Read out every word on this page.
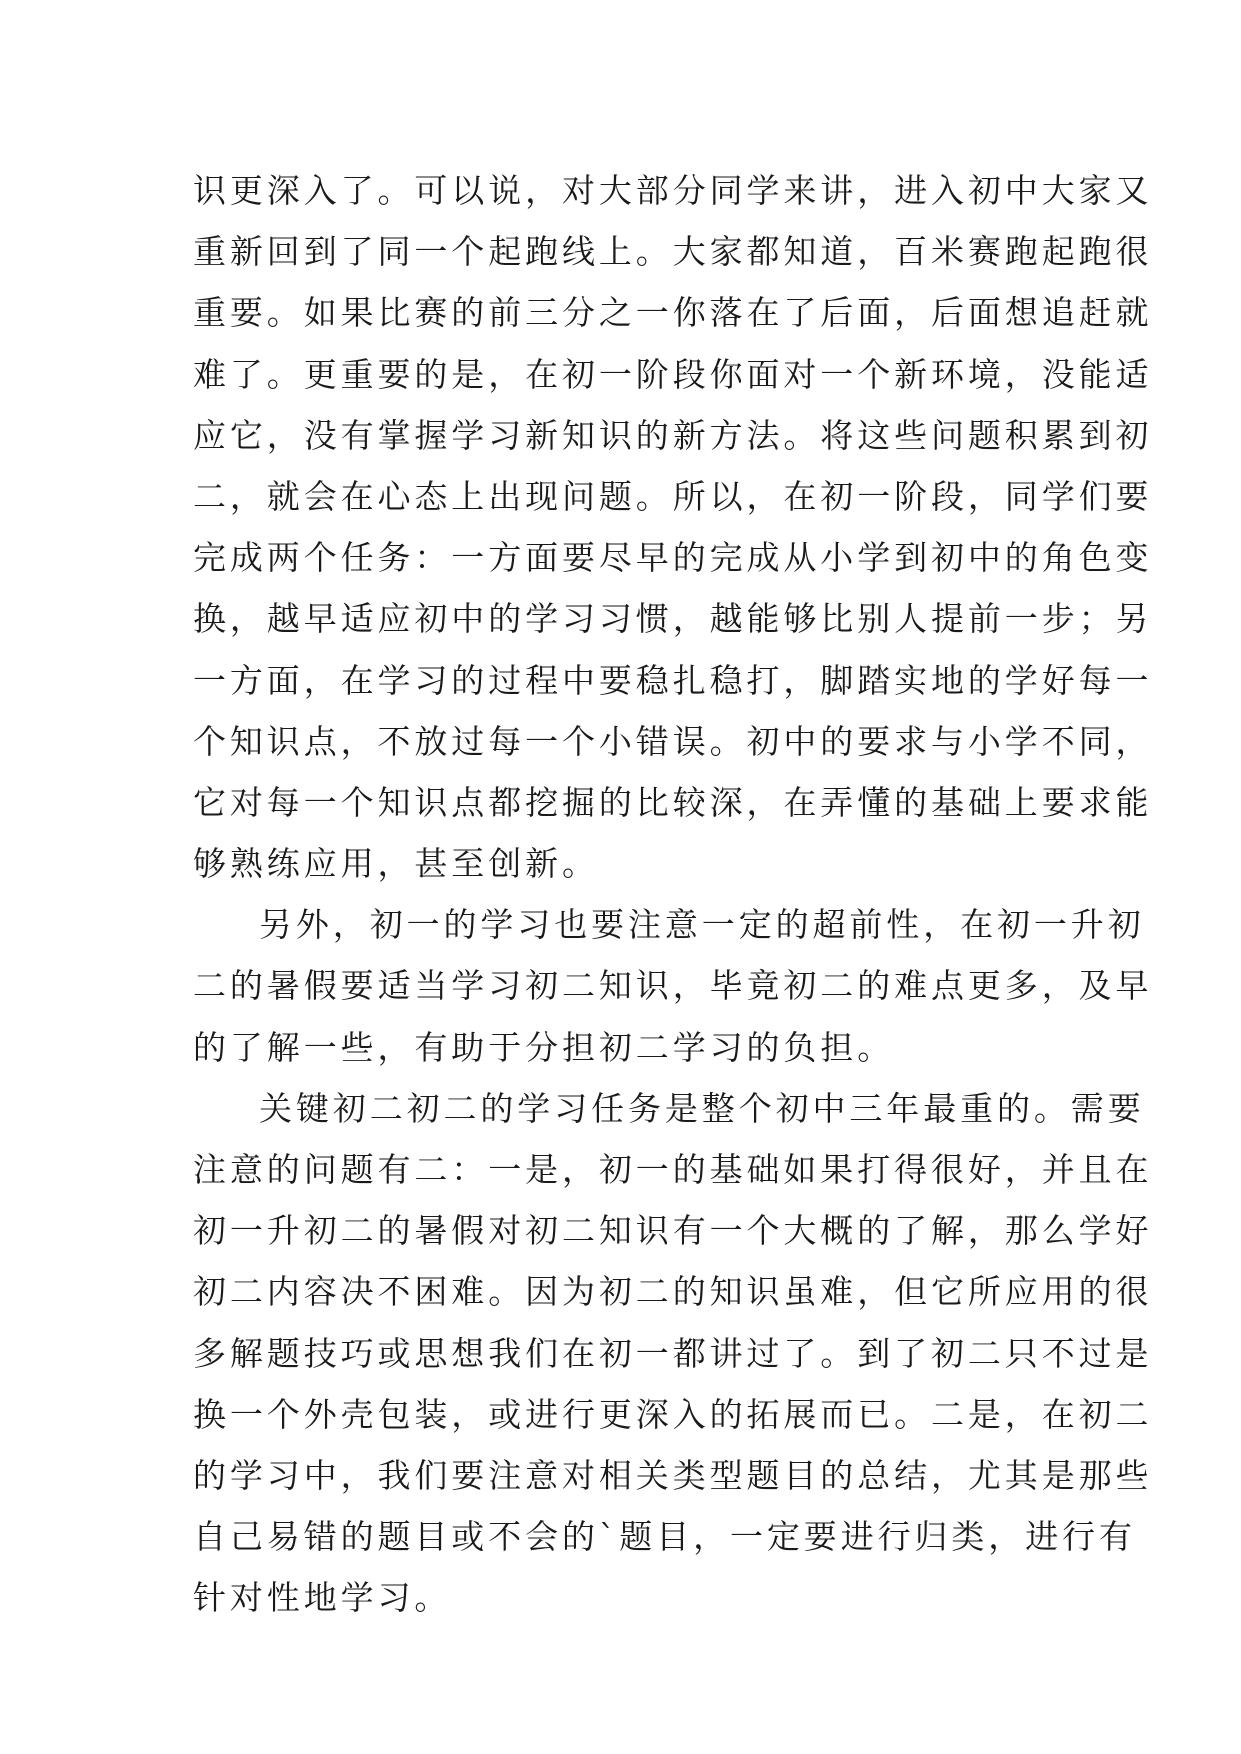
识更深入了。可以说，对大部分同学来讲，进入初中大家又
重新回到了同一个起跑线上。大家都知道，百米赛跑起跑很
重要。如果比赛的前三分之一你落在了后面，后面想追赶就
难了。更重要的是，在初一阶段你面对一个新环境，没能适
应它，没有掌握学习新知识的新方法。将这些问题积累到初
二，就会在心态上出现问题。所以，在初一阶段，同学们要
完成两个任务：一方面要尽早的完成从小学到初中的角色变
换，越早适应初中的学习习惯，越能够比别人提前一步；另
一方面，在学习的过程中要稳扎稳打，脚踏实地的学好每一
个知识点，不放过每一个小错误。初中的要求与小学不同，
它对每一个知识点都挖掘的比较深，在弄懂的基础上要求能
够熟练应用，甚至创新。
另外，初一的学习也要注意一定的超前性，在初一升初
二的暑假要适当学习初二知识，毕竟初二的难点更多，及早
的了解一些，有助于分担初二学习的负担。
关键初二初二的学习任务是整个初中三年最重的。需要
注意的问题有二：一是，初一的基础如果打得很好，并且在
初一升初二的暑假对初二知识有一个大概的了解，那么学好
初二内容决不困难。因为初二的知识虽难，但它所应用的很
多解题技巧或思想我们在初一都讲过了。到了初二只不过是
换一个外壳包装，或进行更深入的拓展而已。二是，在初二
的学习中，我们要注意对相关类型题目的总结，尤其是那些
自己易错的题目或不会的`题目，一定要进行归类，进行有
针对性地学习。
